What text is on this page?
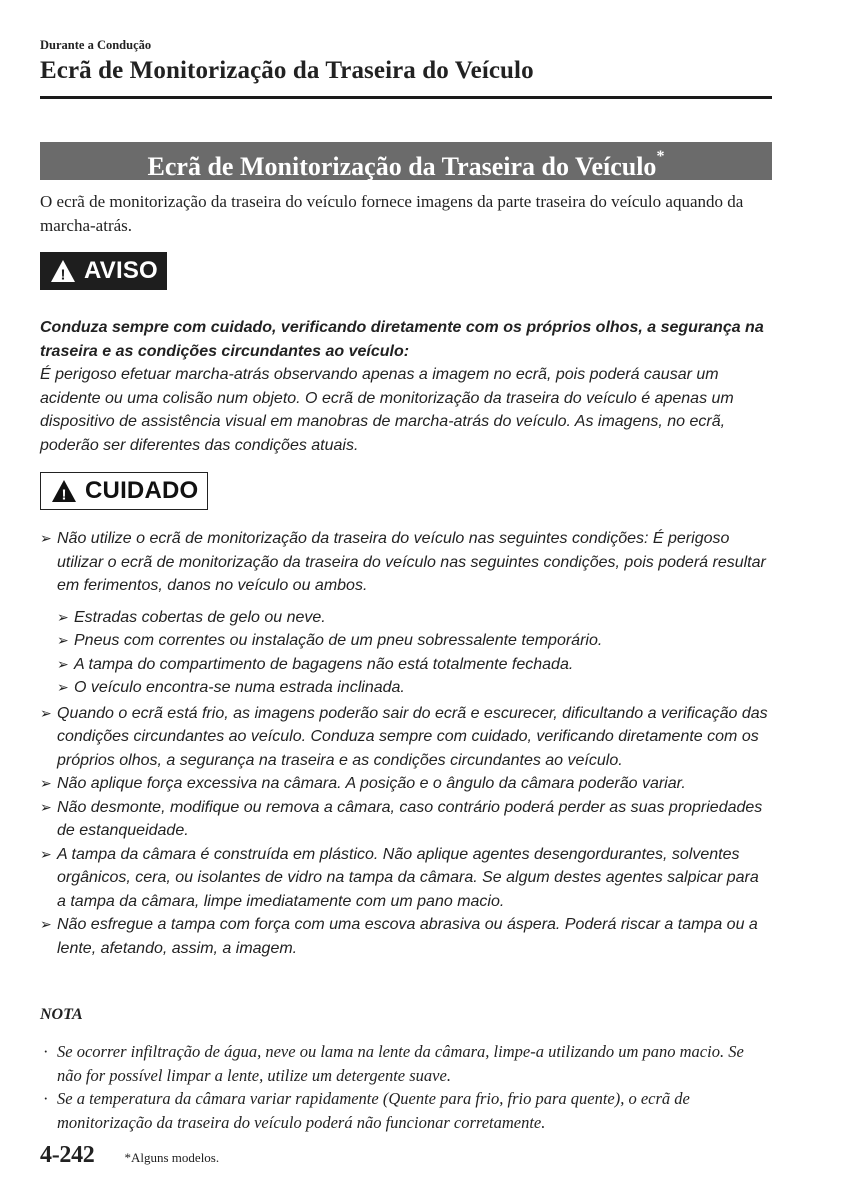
Durante a Condução
Ecrã de Monitorização da Traseira do Veículo
Ecrã de Monitorização da Traseira do Veículo*
O ecrã de monitorização da traseira do veículo fornece imagens da parte traseira do veículo aquando da marcha-atrás.
! AVISO
Conduza sempre com cuidado, verificando diretamente com os próprios olhos, a segurança na traseira e as condições circundantes ao veículo:
É perigoso efetuar marcha-atrás observando apenas a imagem no ecrã, pois poderá causar um acidente ou uma colisão num objeto. O ecrã de monitorização da traseira do veículo é apenas um dispositivo de assistência visual em manobras de marcha-atrás do veículo. As imagens, no ecrã, poderão ser diferentes das condições atuais.
! CUIDADO
➢ Não utilize o ecrã de monitorização da traseira do veículo nas seguintes condições: É perigoso utilizar o ecrã de monitorização da traseira do veículo nas seguintes condições, pois poderá resultar em ferimentos, danos no veículo ou ambos.
➢ Estradas cobertas de gelo ou neve.
➢ Pneus com correntes ou instalação de um pneu sobressalente temporário.
➢ A tampa do compartimento de bagagens não está totalmente fechada.
➢ O veículo encontra-se numa estrada inclinada.
➢ Quando o ecrã está frio, as imagens poderão sair do ecrã e escurecer, dificultando a verificação das condições circundantes ao veículo. Conduza sempre com cuidado, verificando diretamente com os próprios olhos, a segurança na traseira e as condições circundantes ao veículo.
➢ Não aplique força excessiva na câmara. A posição e o ângulo da câmara poderão variar.
➢ Não desmonte, modifique ou remova a câmara, caso contrário poderá perder as suas propriedades de estanqueidade.
➢ A tampa da câmara é construída em plástico. Não aplique agentes desengordurantes, solventes orgânicos, cera, ou isolantes de vidro na tampa da câmara. Se algum destes agentes salpicar para a tampa da câmara, limpe imediatamente com um pano macio.
➢ Não esfregue a tampa com força com uma escova abrasiva ou áspera. Poderá riscar a tampa ou a lente, afetando, assim, a imagem.
NOTA
· Se ocorrer infiltração de água, neve ou lama na lente da câmara, limpe-a utilizando um pano macio. Se não for possível limpar a lente, utilize um detergente suave.
· Se a temperatura da câmara variar rapidamente (Quente para frio, frio para quente), o ecrã de monitorização da traseira do veículo poderá não funcionar corretamente.
4-242 *Alguns modelos.
